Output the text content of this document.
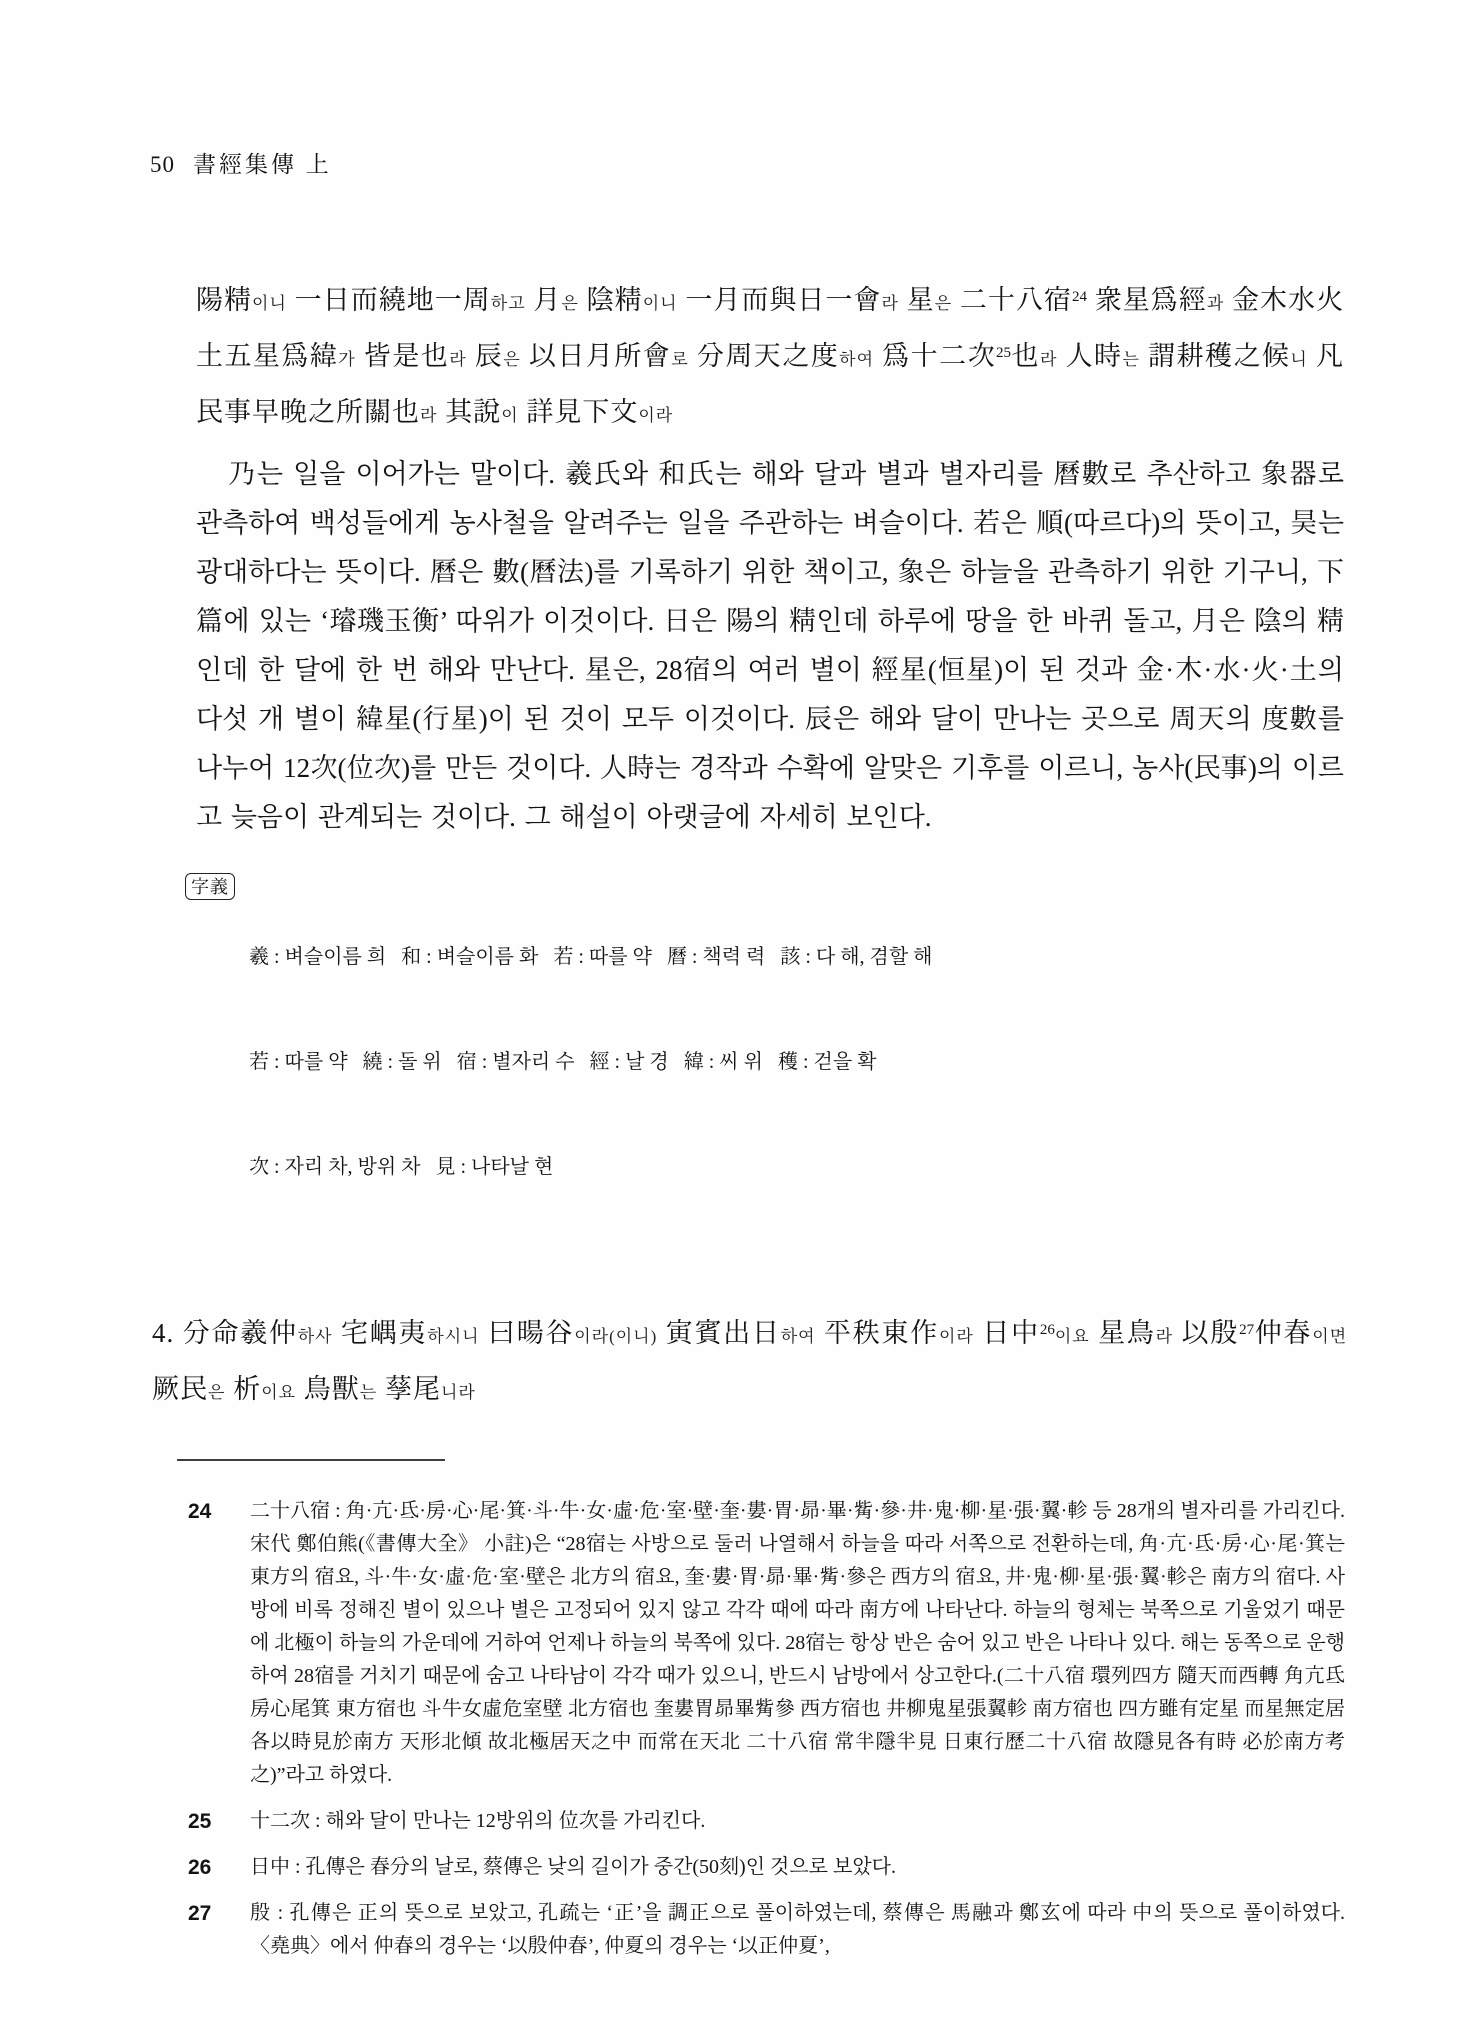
50 書經集傳 上
陽精이니 一日而繞地一周하고 月은 陰精이니 一月而與日一會라 星은 二十八宿$^{24}$ 衆星爲經과 金木水火土五星爲緯가 皆是也라 辰은 以日月所會로 分周天之度하여 爲十二次$^{25}$也라 人時는 謂耕穫之候니 凡民事早晚之所關也라 其說이 詳見下文이라

乃는 일을 이어가는 말이다. 羲氏와 和氏는 해와 달과 별과 별자리를 曆數로 추산하고 象器로 관측하여 백성들에게 농사철을 알려주는 일을 주관하는 벼슬이다. 若은 順(따르다)의 뜻이고, 昊는 광대하다는 뜻이다. 曆은 數(曆法)를 기록하기 위한 책이고, 象은 하늘을 관측하기 위한 기구니, 下篇에 있는 ‘璿璣玉衡’ 따위가 이것이다. 日은 陽의 精인데 하루에 땅을 한 바퀴 돌고, 月은 陰의 精인데 한 달에 한 번 해와 만난다. 星은, 28宿의 여러 별이 經星(恒星)이 된 것과 金·木·水·火·土의 다섯 개 별이 緯星(行星)이 된 것이 모두 이것이다. 辰은 해와 달이 만나는 곳으로 周天의 度數를 나누어 12次(位次)를 만든 것이다. 人時는 경작과 수확에 알맞은 기후를 이르니, 농사(民事)의 이르고 늦음이 관계되는 것이다. 그 해설이 아랫글에 자세히 보인다.

字義

羲 : 벼슬이름 희   和 : 벼슬이름 화   若 : 따를 약   曆 : 책력 력   該 : 다 해, 겸할 해

若 : 따를 약   繞 : 돌 위   宿 : 별자리 수   經 : 날 경   緯 : 씨 위   穫 : 걷을 확

次 : 자리 차, 방위 차   見 : 나타날 현

4. 分命羲仲하사 宅嵎夷하시니 曰暘谷이라(이니) 寅賓出日하여 平秩東作이라 日中$^{26}$이요 星鳥라 以殷$^{27}$仲春이면 厥民은 析이요 鳥獸는 孶尾니라
24	二十八宿 : 角·亢·氐·房·心·尾·箕·斗·牛·女·虛·危·室·壁·奎·婁·胃·昴·畢·觜·參·井·鬼·柳·星·張·翼·軫 등 28개의 별자리를 가리킨다. 宋代 鄭伯熊(《書傳大全》 小註)은 “28宿는 사방으로 둘러 나열해서 하늘을 따라 서쪽으로 전환하는데, 角·亢·氐·房·心·尾·箕는 東方의 宿요, 斗·牛·女·虛·危·室·壁은 北方의 宿요, 奎·婁·胃·昴·畢·觜·參은 西方의 宿요, 井·鬼·柳·星·張·翼·軫은 南方의 宿다. 사방에 비록 정해진 별이 있으나 별은 고정되어 있지 않고 각각 때에 따라 南方에 나타난다. 하늘의 형체는 북쪽으로 기울었기 때문에 北極이 하늘의 가운데에 거하여 언제나 하늘의 북쪽에 있다. 28宿는 항상 반은 숨어 있고 반은 나타나 있다. 해는 동쪽으로 운행하여 28宿를 거치기 때문에 숨고 나타남이 각각 때가 있으니, 반드시 남방에서 상고한다.(二十八宿 環列四方 隨天而西轉 角亢氐房心尾箕 東方宿也 斗牛女虛危室壁 北方宿也 奎婁胃昴畢觜參 西方宿也 井柳鬼星張翼軫 南方宿也 四方雖有定星 而星無定居 各以時見於南方 天形北傾 故北極居天之中 而常在天北 二十八宿 常半隱半見 日東行歷二十八宿 故隱見各有時 必於南方考之)”라고 하였다.
25	十二次 : 해와 달이 만나는 12방위의 位次를 가리킨다.
26	日中 : 孔傳은 春分의 날로, 蔡傳은 낮의 길이가 중간(50刻)인 것으로 보았다.
27	殷 : 孔傳은 正의 뜻으로 보았고, 孔疏는 ‘正’을 調正으로 풀이하였는데, 蔡傳은 馬融과 鄭玄에 따라 中의 뜻으로 풀이하였다. 〈堯典〉에서 仲春의 경우는 ‘以殷仲春’, 仲夏의 경우는 ‘以正仲夏’,
